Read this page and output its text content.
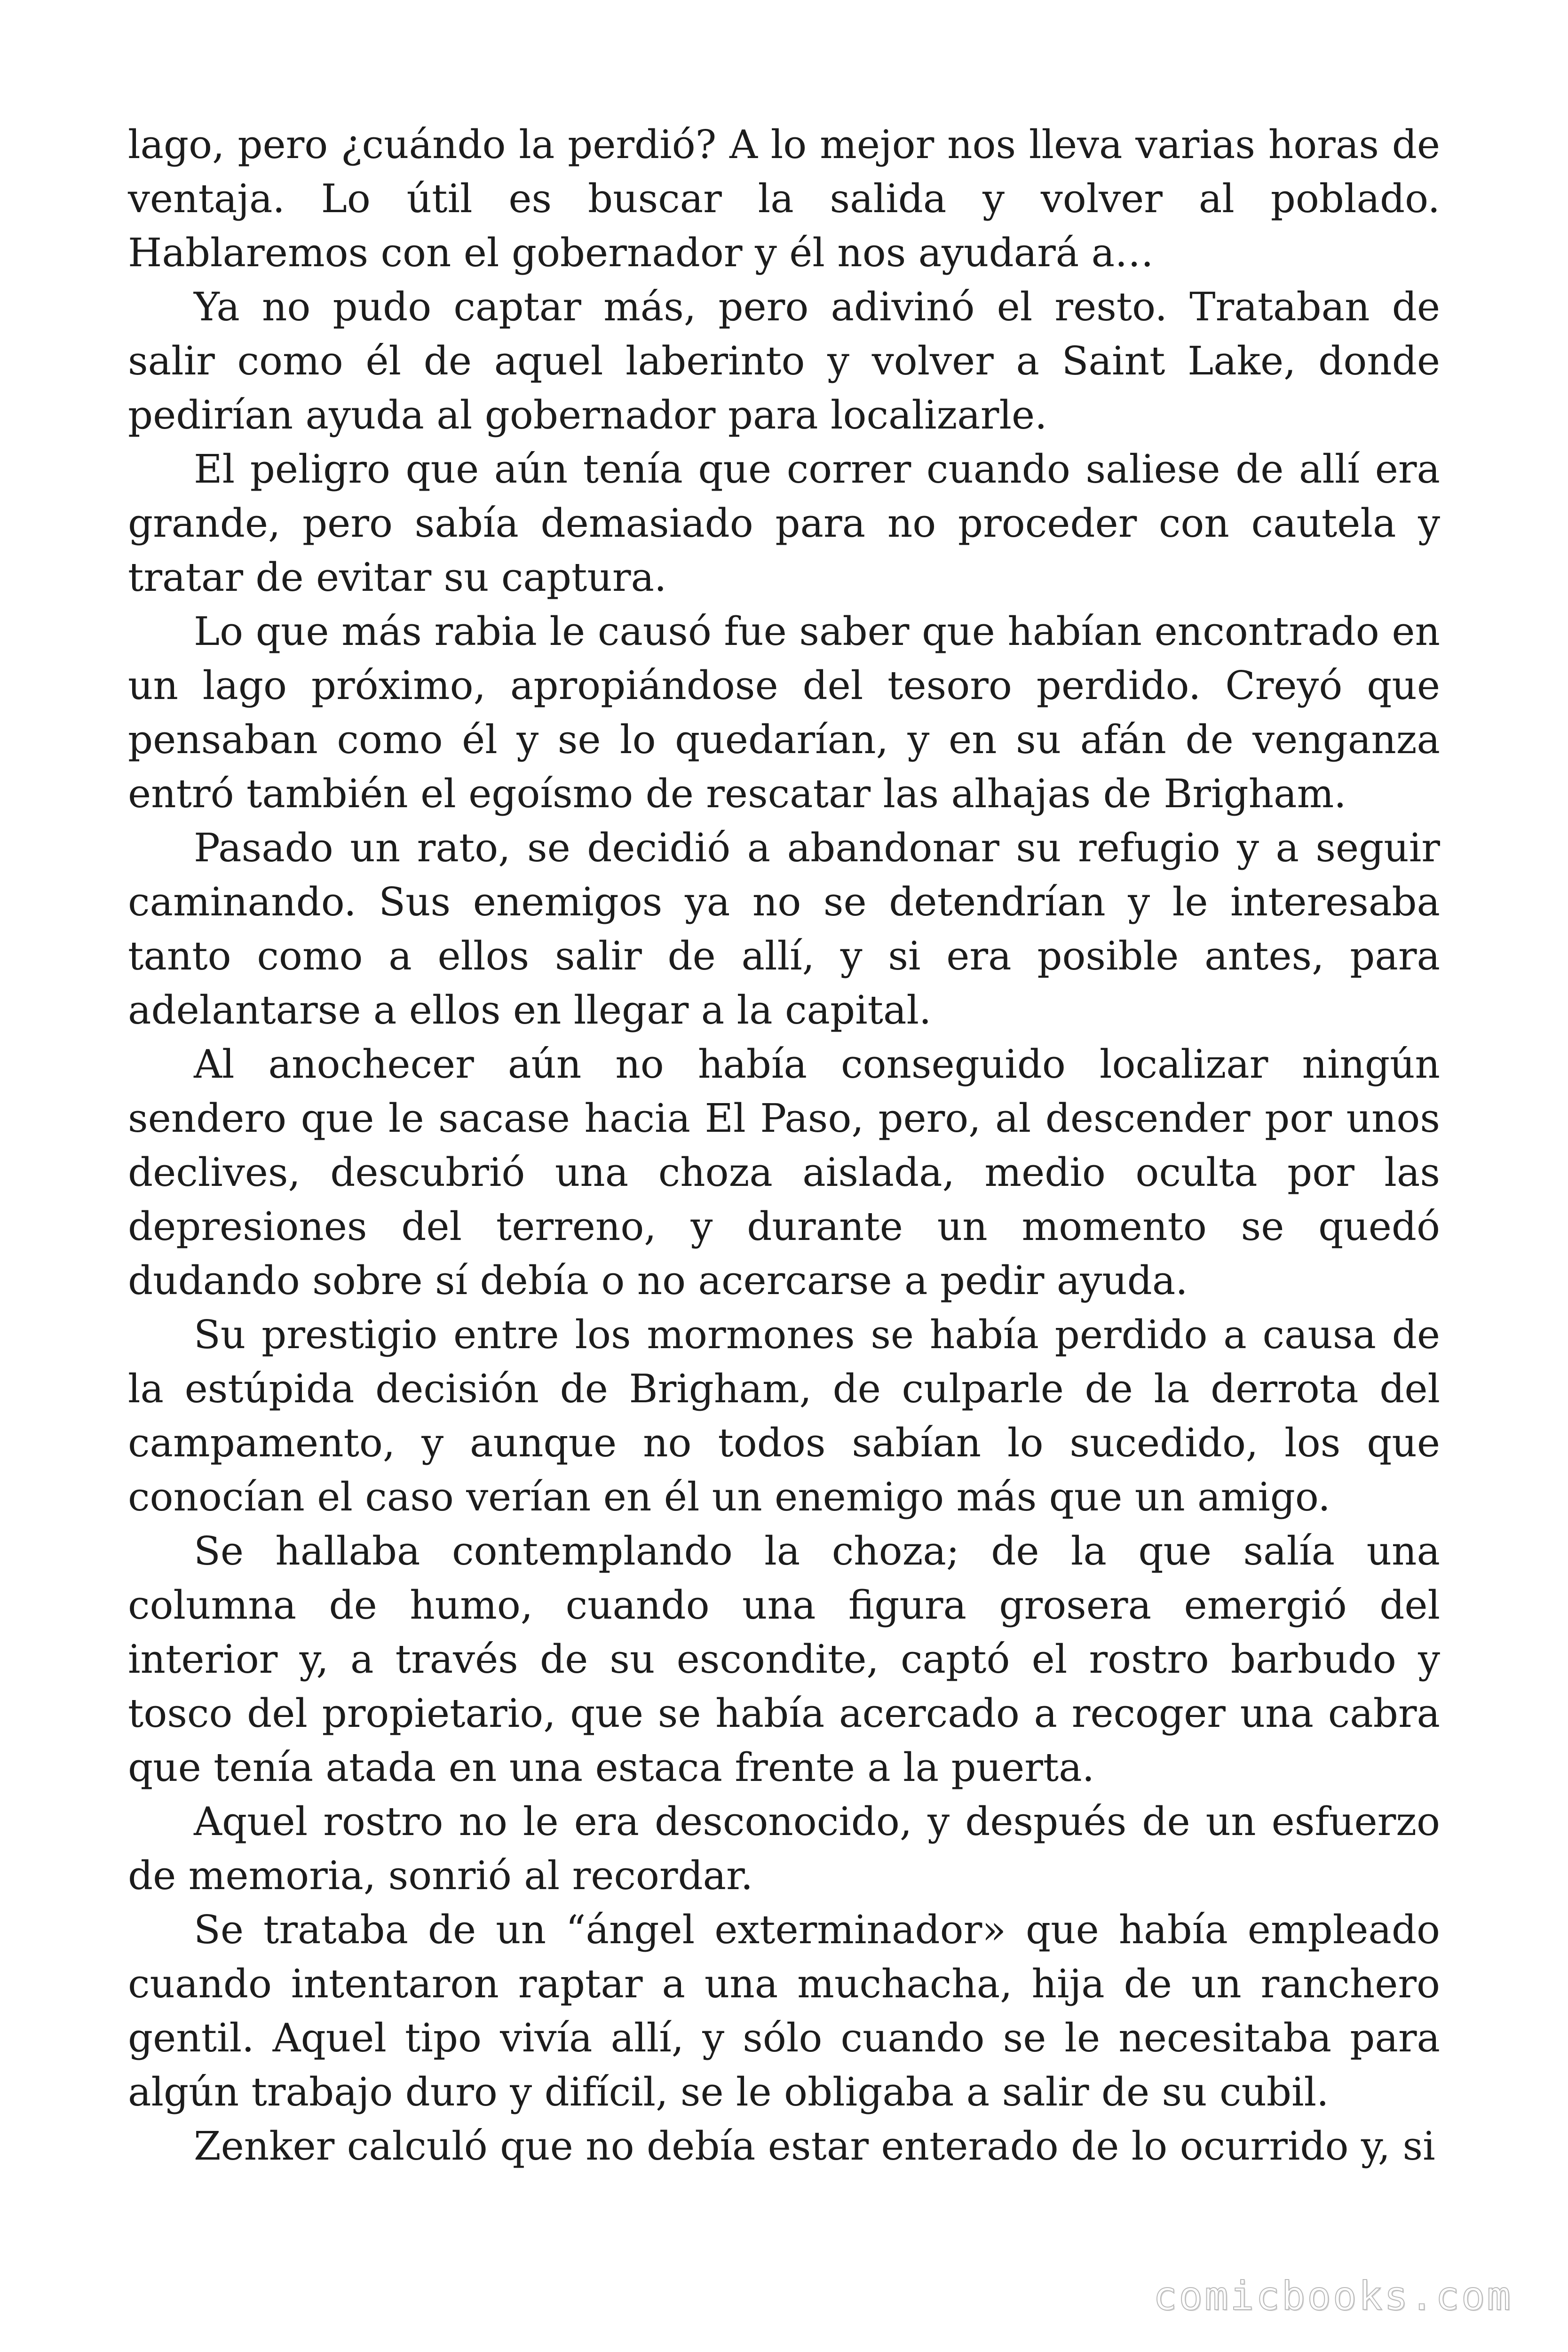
lago, pero ¿cuándo la perdió? A lo mejor nos lleva varias horas de ventaja. Lo útil es buscar la salida y volver al poblado. Hablaremos con el gobernador y él nos ayudará a…

Ya no pudo captar más, pero adivinó el resto. Trataban de salir como él de aquel laberinto y volver a Saint Lake, donde pedirían ayuda al gobernador para localizarle.

El peligro que aún tenía que correr cuando saliese de allí era grande, pero sabía demasiado para no proceder con cautela y tratar de evitar su captura.

Lo que más rabia le causó fue saber que habían encontrado en un lago próximo, apropiándose del tesoro perdido. Creyó que pensaban como él y se lo quedarían, y en su afán de venganza entró también el egoísmo de rescatar las alhajas de Brigham.

Pasado un rato, se decidió a abandonar su refugio y a seguir caminando. Sus enemigos ya no se detendrían y le interesaba tanto como a ellos salir de allí, y si era posible antes, para adelantarse a ellos en llegar a la capital.

Al anochecer aún no había conseguido localizar ningún sendero que le sacase hacia El Paso, pero, al descender por unos declives, descubrió una choza aislada, medio oculta por las depresiones del terreno, y durante un momento se quedó dudando sobre sí debía o no acercarse a pedir ayuda.

Su prestigio entre los mormones se había perdido a causa de la estúpida decisión de Brigham, de culparle de la derrota del campamento, y aunque no todos sabían lo sucedido, los que conocían el caso verían en él un enemigo más que un amigo.

Se hallaba contemplando la choza; de la que salía una columna de humo, cuando una figura grosera emergió del interior y, a través de su escondite, captó el rostro barbudo y tosco del propietario, que se había acercado a recoger una cabra que tenía atada en una estaca frente a la puerta.

Aquel rostro no le era desconocido, y después de un esfuerzo de memoria, sonrió al recordar.

Se trataba de un “ángel exterminador» que había empleado cuando intentaron raptar a una muchacha, hija de un ranchero gentil. Aquel tipo vivía allí, y sólo cuando se le necesitaba para algún trabajo duro y difícil, se le obligaba a salir de su cubil.

Zenker calculó que no debía estar enterado de lo ocurrido y, si

comicbooks.com
